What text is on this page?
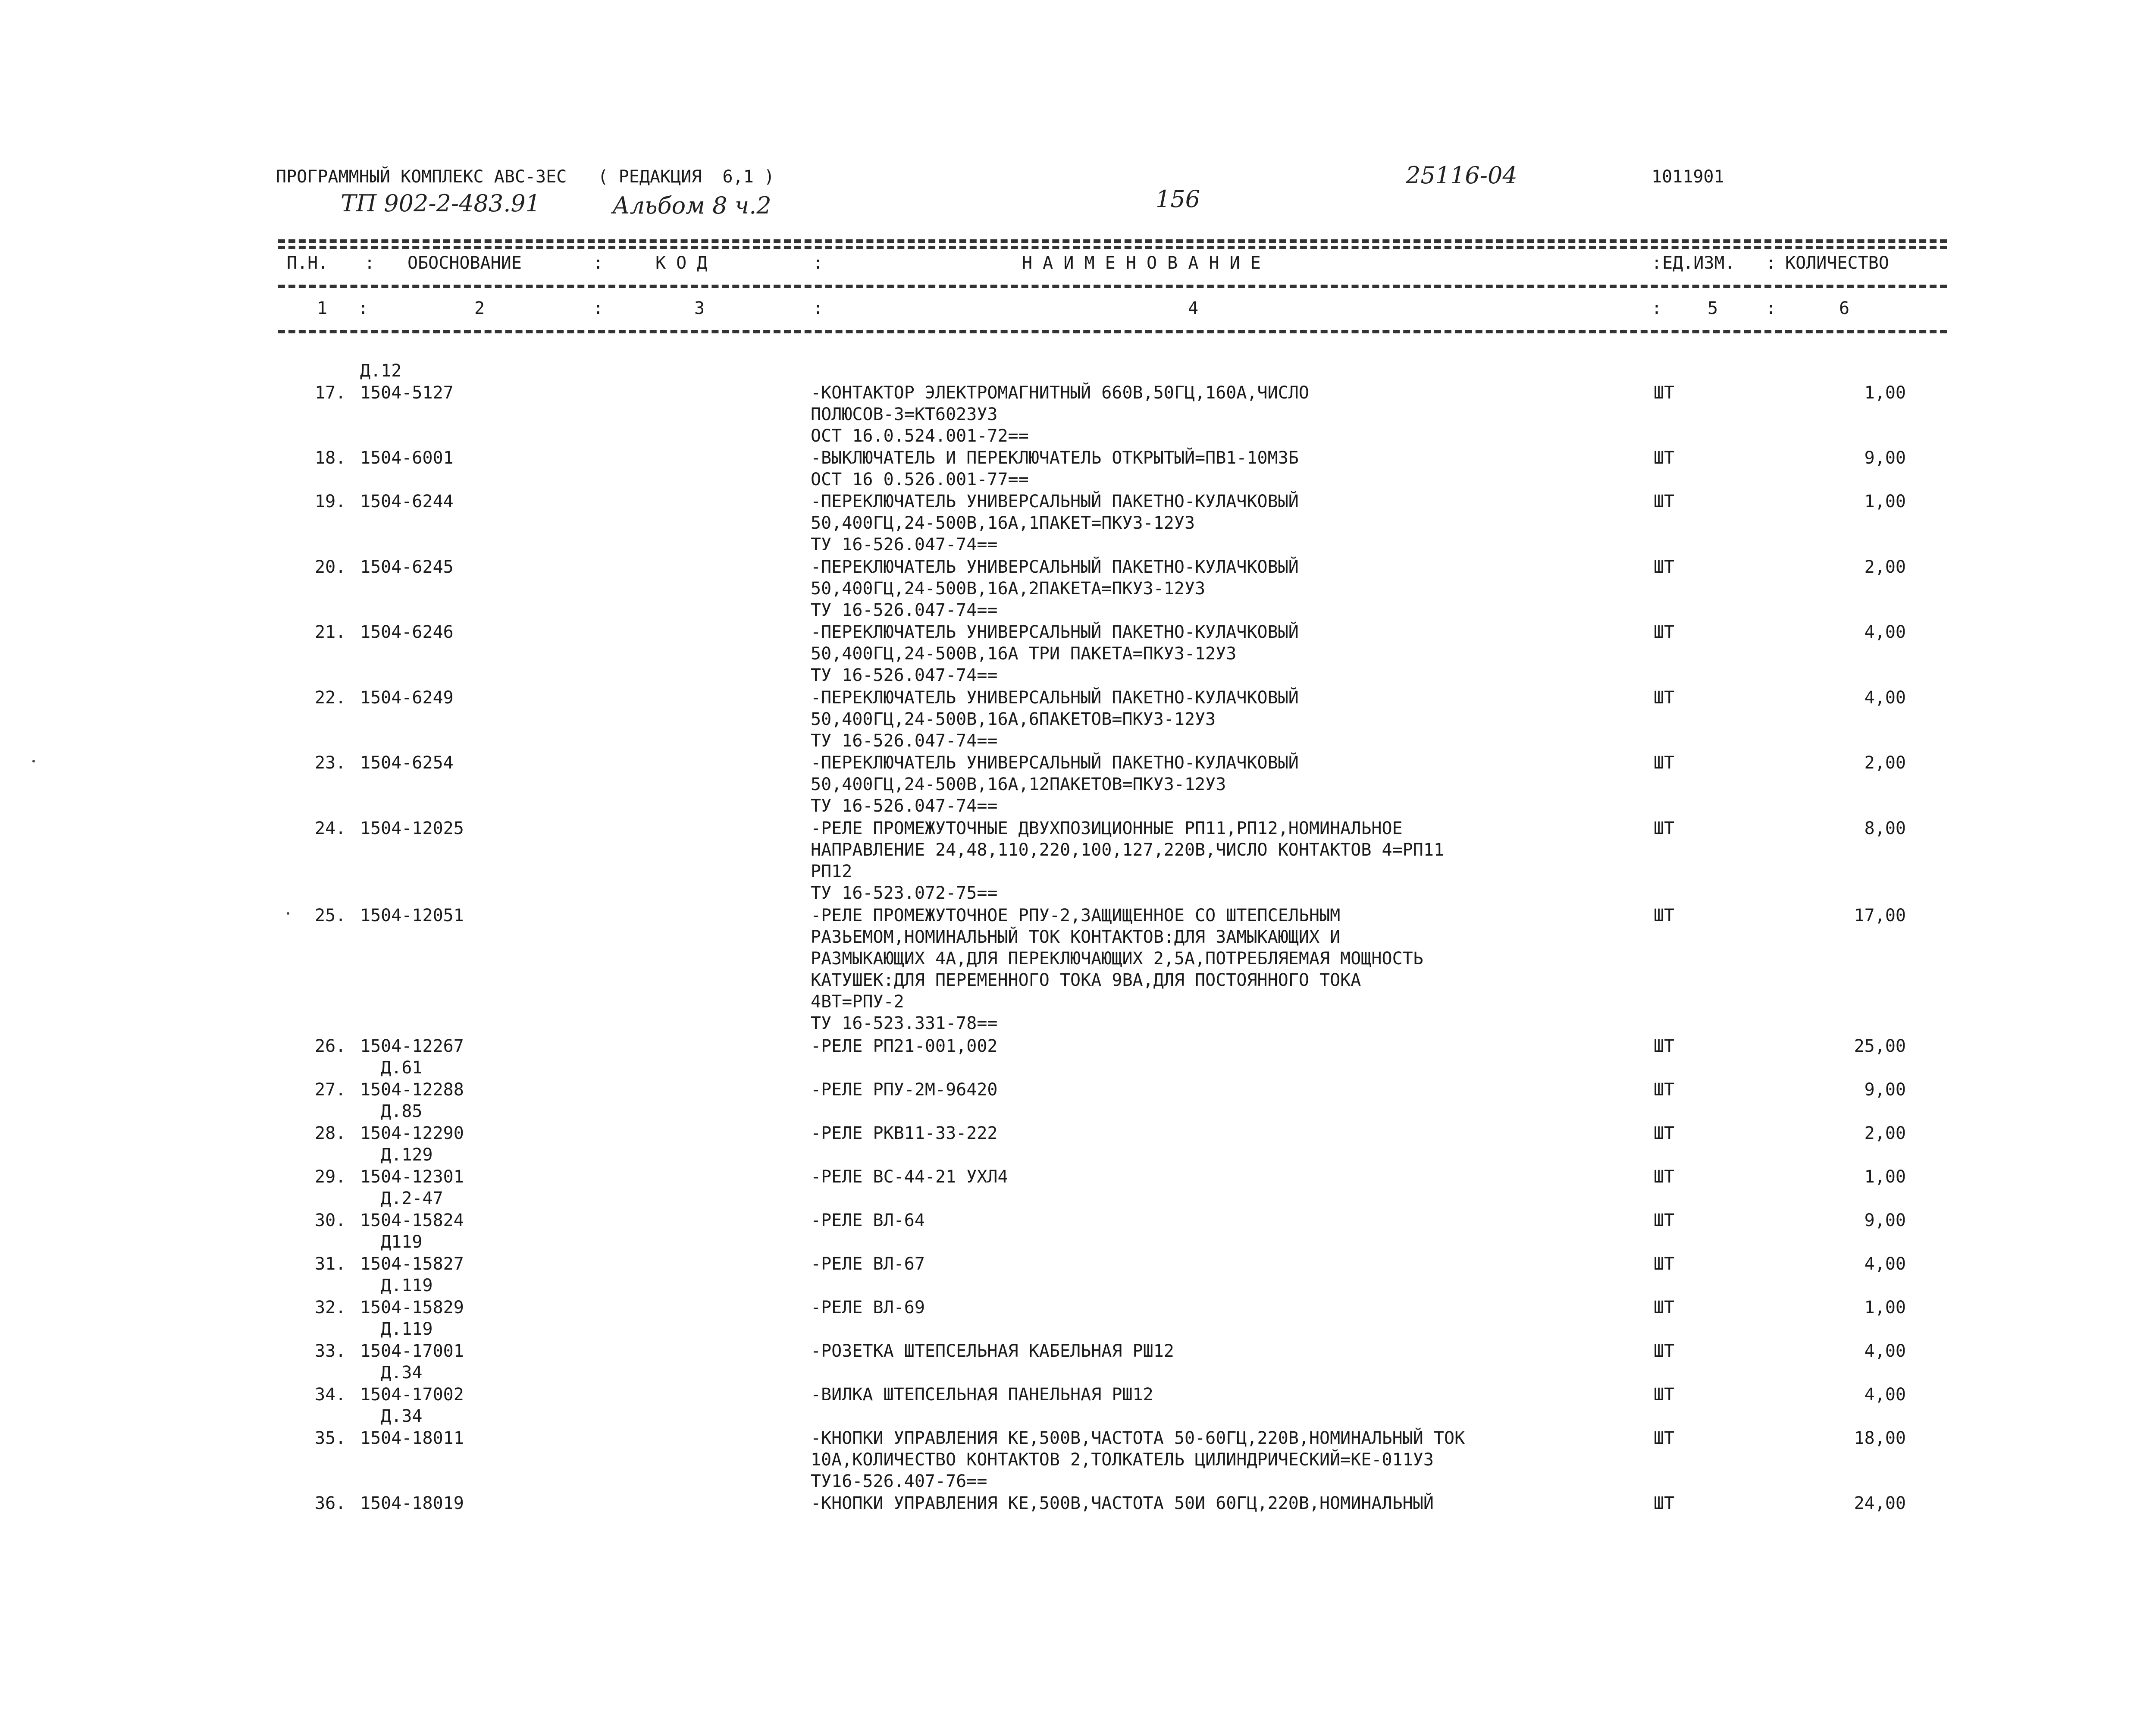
ПРОГРАММНЫЙ КОМПЛЕКС АВС-3ЕС   ( РЕДАКЦИЯ  6,1 )
ТП 902-2-483.91	Альбом 8 ч.2	156
25116-04	1011901
П.Н. : ОБОСНОВАНИЕ	:	К О Д	:	Н А И М Е Н О В А Н И Е	: ЕД.ИЗМ. : КОЛИЧЕСТВО
1 :	2	:	3	:	4	:	5	:	6
Д.12
17. 1504-5127	-КОНТАКТОР ЭЛЕКТРОМАГНИТНЫЙ 660В,50ГЦ,160А,ЧИСЛО
ПОЛЮСОВ-3=КТ6023У3
ОСТ 16.0.524.001-72==
ШТ	1,00
18. 1504-6001	-ВЫКЛЮЧАТЕЛЬ И ПЕРЕКЛЮЧАТЕЛЬ ОТКРЫТЫЙ=ПВ1-10МЗБ
ОСТ 16 0.526.001-77==
ШТ	9,00
19. 1504-6244	-ПЕРЕКЛЮЧАТЕЛЬ УНИВЕРСАЛЬНЫЙ ПАКЕТНО-КУЛАЧКОВЫЙ
50,400ГЦ,24-500В,16А,1ПАКЕТ=ПКУ3-12У3
ТУ 16-526.047-74==
ШТ	1,00
20. 1504-6245	-ПЕРЕКЛЮЧАТЕЛЬ УНИВЕРСАЛЬНЫЙ ПАКЕТНО-КУЛАЧКОВЫЙ
50,400ГЦ,24-500В,16А,2ПАКЕТА=ПКУ3-12У3
ТУ 16-526.047-74==
ШТ	2,00
21. 1504-6246	-ПЕРЕКЛЮЧАТЕЛЬ УНИВЕРСАЛЬНЫЙ ПАКЕТНО-КУЛАЧКОВЫЙ
50,400ГЦ,24-500В,16А ТРИ ПАКЕТА=ПКУ3-12У3
ТУ 16-526.047-74==
ШТ	4,00
22. 1504-6249	-ПЕРЕКЛЮЧАТЕЛЬ УНИВЕРСАЛЬНЫЙ ПАКЕТНО-КУЛАЧКОВЫЙ
50,400ГЦ,24-500В,16А,6ПАКЕТОВ=ПКУ3-12У3
ТУ 16-526.047-74==
ШТ	4,00
23. 1504-6254	-ПЕРЕКЛЮЧАТЕЛЬ УНИВЕРСАЛЬНЫЙ ПАКЕТНО-КУЛАЧКОВЫЙ
50,400ГЦ,24-500В,16А,12ПАКЕТОВ=ПКУ3-12У3
ТУ 16-526.047-74==
ШТ	2,00
24. 1504-12025	-РЕЛЕ ПРОМЕЖУТОЧНЫЕ ДВУХПОЗИЦИОННЫЕ РП11,РП12,НОМИНАЛЬНОЕ
НАПРАВЛЕНИЕ 24,48,110,220,100,127,220В,ЧИСЛО КОНТАКТОВ 4=РП11
РП12
ТУ 16-523.072-75==
ШТ	8,00
25. 1504-12051	-РЕЛЕ ПРОМЕЖУТОЧНОЕ РПУ-2,ЗАЩИЩЕННОЕ СО ШТЕПСЕЛЬНЫМ
РАЗЬЕМОМ,НОМИНАЛЬНЫЙ ТОК КОНТАКТОВ:ДЛЯ ЗАМЫКАЮЩИХ И
РАЗМЫКАЮЩИХ 4А,ДЛЯ ПЕРЕКЛЮЧАЮЩИХ 2,5А,ПОТРЕБЛЯЕМАЯ МОЩНОСТЬ
КАТУШЕК:ДЛЯ ПЕРЕМЕННОГО ТОКА 9ВА,ДЛЯ ПОСТОЯННОГО ТОКА
4ВТ=РПУ-2
ТУ 16-523.331-78==
ШТ	17,00
26. 1504-12267
Д.61
-РЕЛЕ РП21-001,002	ШТ	25,00
27. 1504-12288
Д.85
-РЕЛЕ РПУ-2М-96420	ШТ	9,00
28. 1504-12290
Д.129
-РЕЛЕ РКВ11-33-222	ШТ	2,00
29. 1504-12301
Д.2-47
-РЕЛЕ ВС-44-21 УХЛ4	ШТ	1,00
30. 1504-15824
Д119
-РЕЛЕ ВЛ-64	ШТ	9,00
31. 1504-15827
Д.119
-РЕЛЕ ВЛ-67	ШТ	4,00
32. 1504-15829
Д.119
-РЕЛЕ ВЛ-69	ШТ	1,00
33. 1504-17001
Д.34
-РОЗЕТКА ШТЕПСЕЛЬНАЯ КАБЕЛЬНАЯ РШ12	ШТ	4,00
34. 1504-17002
Д.34
-ВИЛКА ШТЕПСЕЛЬНАЯ ПАНЕЛЬНАЯ РШ12	ШТ	4,00
35. 1504-18011	-КНОПКИ УПРАВЛЕНИЯ КЕ,500В,ЧАСТОТА 50-60ГЦ,220В,НОМИНАЛЬНЫЙ ТОК
10А,КОЛИЧЕСТВО КОНТАКТОВ 2,ТОЛКАТЕЛЬ ЦИЛИНДРИЧЕСКИЙ=КЕ-011У3
ТУ16-526.407-76==
ШТ	18,00
36. 1504-18019	-КНОПКИ УПРАВЛЕНИЯ КЕ,500В,ЧАСТОТА 50И 60ГЦ,220В,НОМИНАЛЬНЫЙ	ШТ	24,00
